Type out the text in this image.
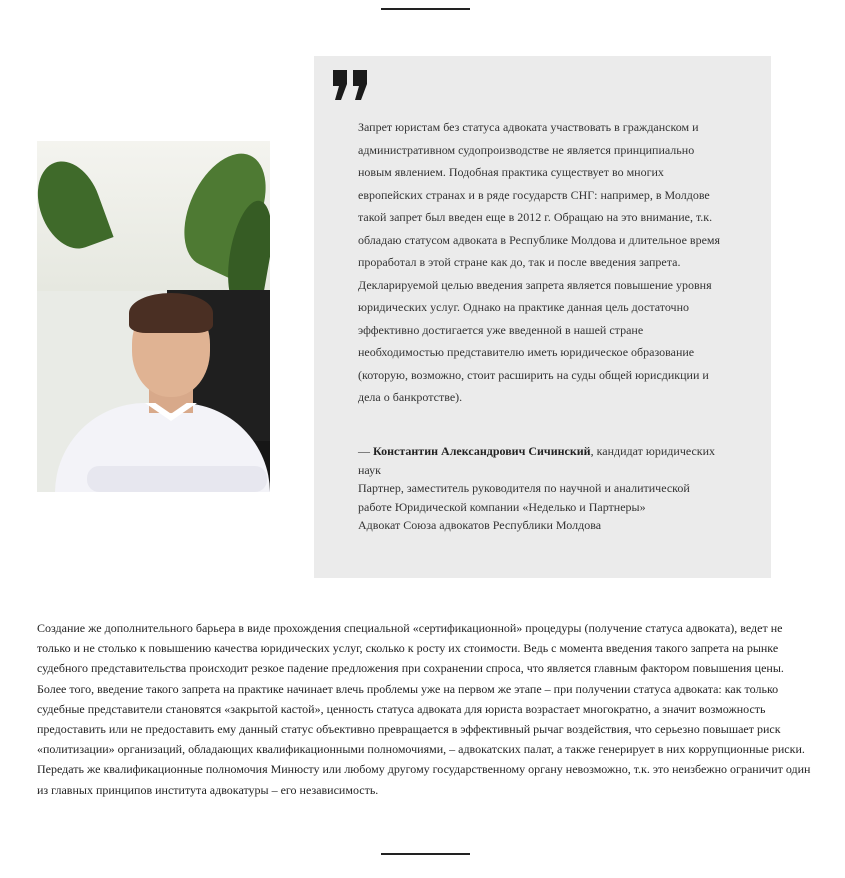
Запрет юристам без статуса адвоката участвовать в гражданском и административном судопроизводстве не является принципиально новым явлением. Подобная практика существует во многих европейских странах и в ряде государств СНГ: например, в Молдове такой запрет был введен еще в 2012 г. Обращаю на это внимание, т.к. обладаю статусом адвоката в Республике Молдова и длительное время проработал в этой стране как до, так и после введения запрета.

Декларируемой целью введения запрета является повышение уровня юридических услуг. Однако на практике данная цель достаточно эффективно достигается уже введенной в нашей стране необходимостью представителю иметь юридическое образование (которую, возможно, стоит расширить на суды общей юрисдикции и дела о банкротстве).

— Константин Александрович Сичинский, кандидат юридических наук

Партнер, заместитель руководителя по научной и аналитической работе Юридической компании «Неделько и Партнеры»

Адвокат Союза адвокатов Республики Молдова

Создание же дополнительного барьера в виде прохождения специальной «сертификационной» процедуры (получение статуса адвоката), ведет не только и не столько к повышению качества юридических услуг, сколько к росту их стоимости. Ведь с момента введения такого запрета на рынке судебного представительства происходит резкое падение предложения при сохранении спроса, что является главным фактором повышения цены.

Более того, введение такого запрета на практике начинает влечь проблемы уже на первом же этапе – при получении статуса адвоката: как только судебные представители становятся «закрытой кастой», ценность статуса адвоката для юриста возрастает многократно, а значит возможность предоставить или не предоставить ему данный статус объективно превращается в эффективный рычаг воздействия, что серьезно повышает риск «политизации» организаций, обладающих квалификационными полномочиями, – адвокатских палат, а также генерирует в них коррупционные риски.

Передать же квалификационные полномочия Минюсту или любому другому государственному органу невозможно, т.к. это неизбежно ограничит один из главных принципов института адвокатуры – его независимость.
